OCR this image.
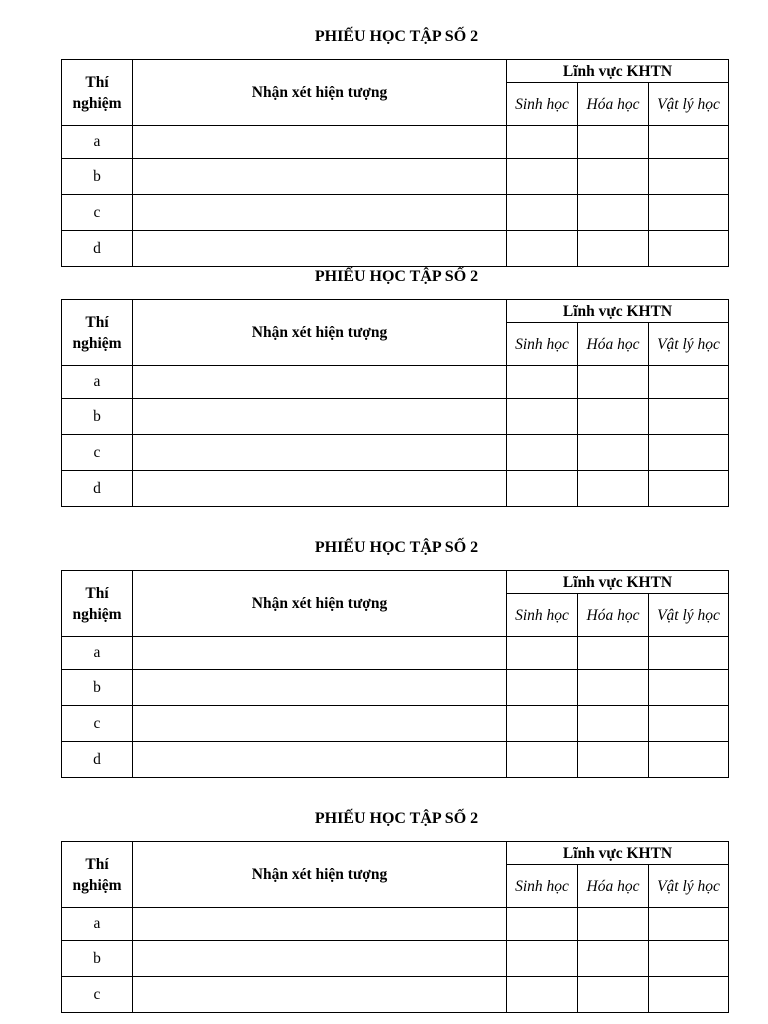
PHIẾU HỌC TẬP SỐ 2
Thí nghiệm	Nhận xét hiện tượng	Lĩnh vực KHTN		
		Sinh học	Hóa học	Vật lý học
a				
b				
c				
d				
PHIẾU HỌC TẬP SỐ 2
Thí nghiệm	Nhận xét hiện tượng	Lĩnh vực KHTN		
		Sinh học	Hóa học	Vật lý học
a				
b				
c				
d				
PHIẾU HỌC TẬP SỐ 2
Thí nghiệm	Nhận xét hiện tượng	Lĩnh vực KHTN		
		Sinh học	Hóa học	Vật lý học
a				
b				
c				
d				
PHIẾU HỌC TẬP SỐ 2
Thí nghiệm	Nhận xét hiện tượng	Lĩnh vực KHTN		
		Sinh học	Hóa học	Vật lý học
a				
b				
c				
